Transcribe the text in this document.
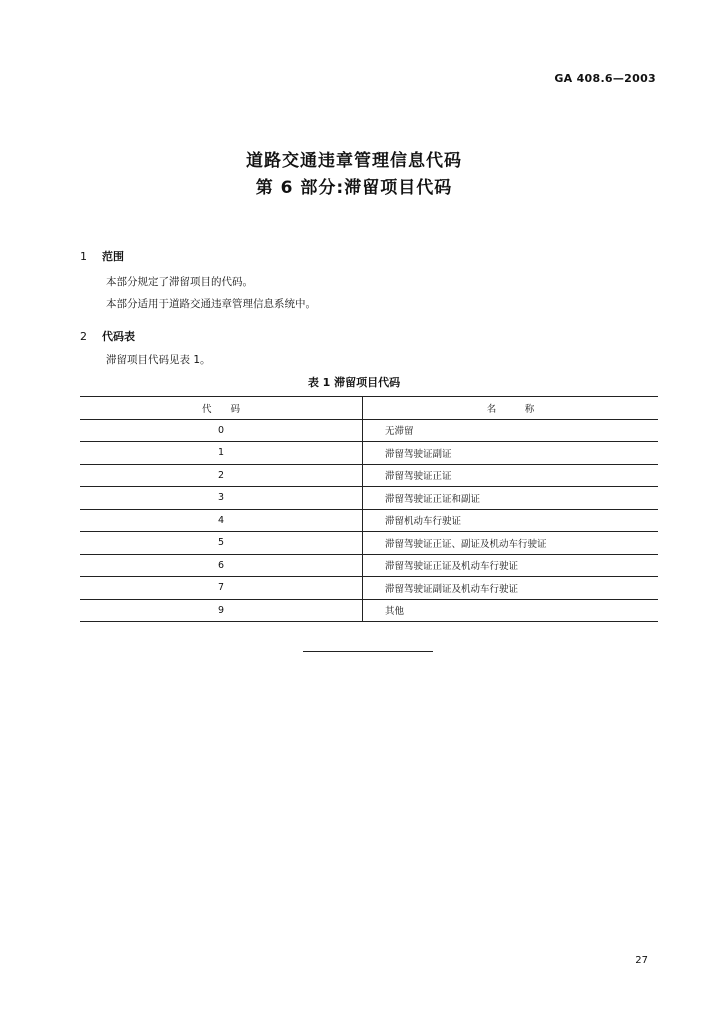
GA 408.6—2003
道路交通违章管理信息代码
第 6 部分:滞留项目代码
1 范围
本部分规定了滞留项目的代码。
本部分适用于道路交通违章管理信息系统中。
2 代码表
滞留项目代码见表 1。
表 1 滞留项目代码
代　　码	名　　　称
0	无滞留
1	滞留驾驶证副证
2	滞留驾驶证正证
3	滞留驾驶证正证和副证
4	滞留机动车行驶证
5	滞留驾驶证正证、副证及机动车行驶证
6	滞留驾驶证正证及机动车行驶证
7	滞留驾驶证副证及机动车行驶证
9	其他
27
